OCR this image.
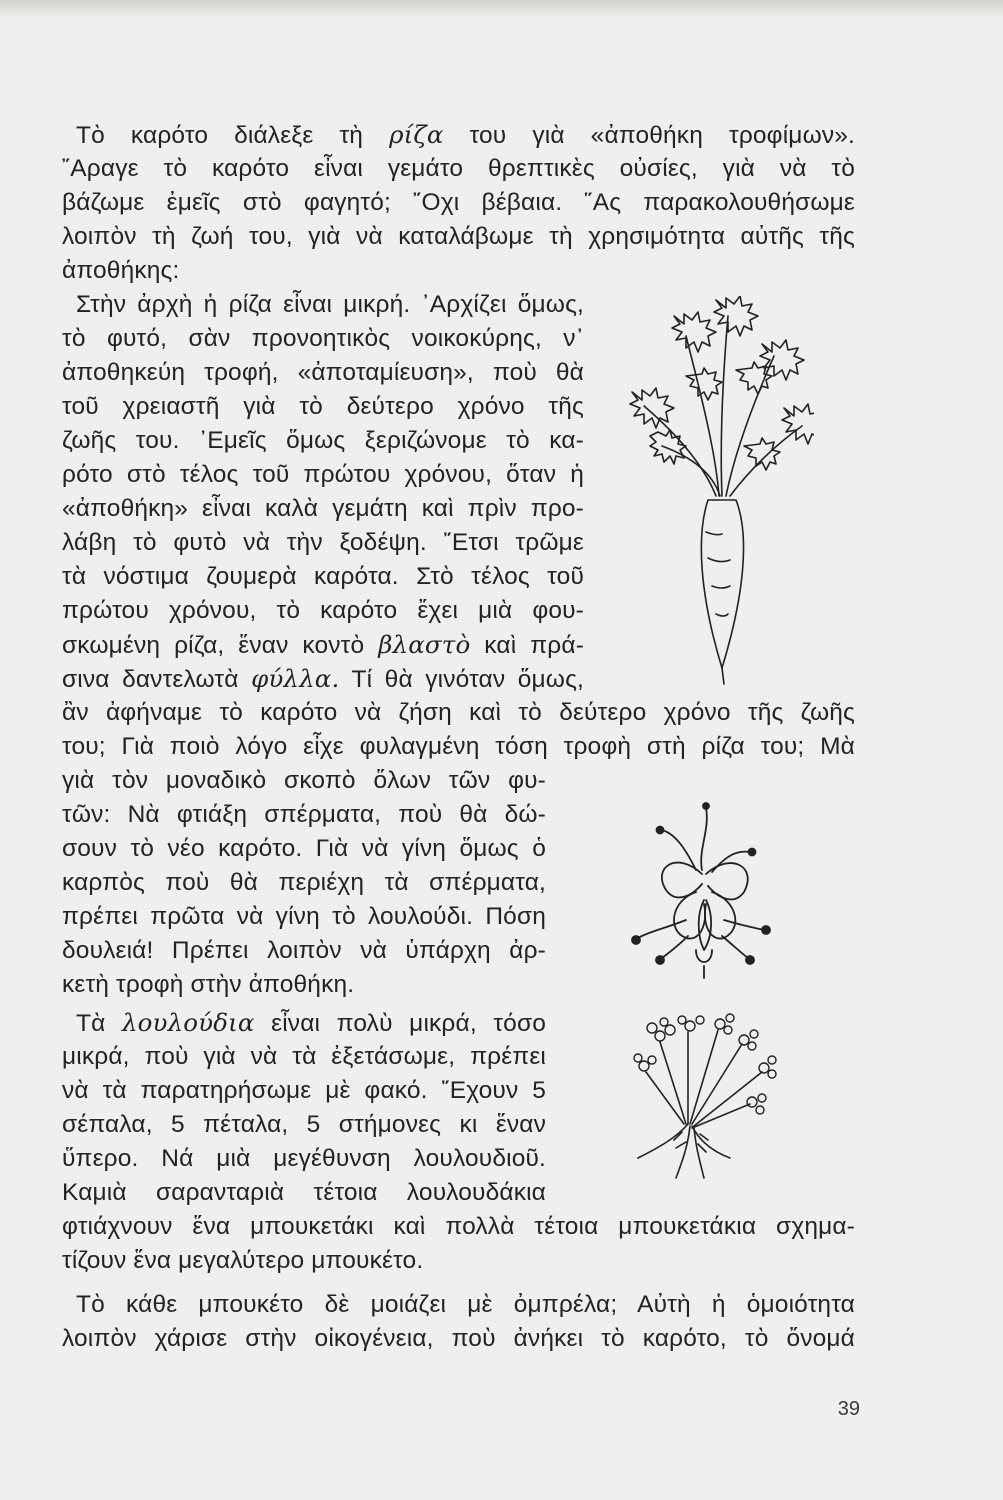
Τὸ καρότο διάλεξε τὴ ρίζα του γιὰ «ἀποθήκη τροφίμων».
῎Αραγε τὸ καρότο εἶναι γεμάτο θρεπτικὲς οὐσίες, γιὰ νὰ τὸ
βάζωμε ἐμεῖς στὸ φαγητό; ῎Οχι βέβαια. ῞Ας παρακολουθήσωμε
λοιπὸν τὴ ζωή του, γιὰ νὰ καταλάβωμε τὴ χρησιμότητα αὐτῆς τῆς
ἀποθήκης:
Στὴν ἀρχὴ ἡ ρίζα εἶναι μικρή. ᾿Αρχίζει ὅμως,
τὸ φυτό, σὰν προνοητικὸς νοικοκύρης, ν᾿
ἀποθηκεύη τροφή, «ἀποταμίευση», ποὺ θὰ
τοῦ χρειαστῆ γιὰ τὸ δεύτερο χρόνο τῆς
ζωῆς του. ᾿Εμεῖς ὅμως ξεριζώνομε τὸ κα-
ρότο στὸ τέλος τοῦ πρώτου χρόνου, ὅταν ἡ
«ἀποθήκη» εἶναι καλὰ γεμάτη καὶ πρὶν προ-
λάβη τὸ φυτὸ νὰ τὴν ξοδέψη. ῎Ετσι τρῶμε
τὰ νόστιμα ζουμερὰ καρότα. Στὸ τέλος τοῦ
πρώτου χρόνου, τὸ καρότο ἔχει μιὰ φου-
σκωμένη ρίζα, ἕναν κοντὸ βλαστὸ καὶ πρά-
σινα δαντελωτὰ φύλλα. Τί θὰ γινόταν ὅμως,
ἂν ἀφήναμε τὸ καρότο νὰ ζήση καὶ τὸ δεύτερο χρόνο τῆς ζωῆς
του; Γιὰ ποιὸ λόγο εἶχε φυλαγμένη τόση τροφὴ στὴ ρίζα του; Μὰ
γιὰ τὸν μοναδικὸ σκοπὸ ὅλων τῶν φυ-
τῶν: Νὰ φτιάξη σπέρματα, ποὺ θὰ δώ-
σουν τὸ νέο καρότο. Γιὰ νὰ γίνη ὅμως ὁ
καρπὸς ποὺ θὰ περιέχη τὰ σπέρματα,
πρέπει πρῶτα νὰ γίνη τὸ λουλούδι. Πόση
δουλειά! Πρέπει λοιπὸν νὰ ὑπάρχη ἀρ-
κετὴ τροφὴ στὴν ἀποθήκη.
Τὰ λουλούδια εἶναι πολὺ μικρά, τόσο
μικρά, ποὺ γιὰ νὰ τὰ ἐξετάσωμε, πρέπει
νὰ τὰ παρατηρήσωμε μὲ φακό. ῎Εχουν 5
σέπαλα, 5 πέταλα, 5 στήμονες κι ἕναν
ὕπερο. Νά μιὰ μεγέθυνση λουλουδιοῦ.
Καμιὰ σαρανταριὰ τέτοια λουλουδάκια
φτιάχνουν ἕνα μπουκετάκι καὶ πολλὰ τέτοια μπουκετάκια σχημα-
τίζουν ἕνα μεγαλύτερο μπουκέτο.
Τὸ κάθε μπουκέτο δὲ μοιάζει μὲ ὀμπρέλα; Αὐτὴ ἡ ὁμοιότητα
λοιπὸν χάρισε στὴν οἰκογένεια, ποὺ ἀνήκει τὸ καρότο, τὸ ὄνομά
39
